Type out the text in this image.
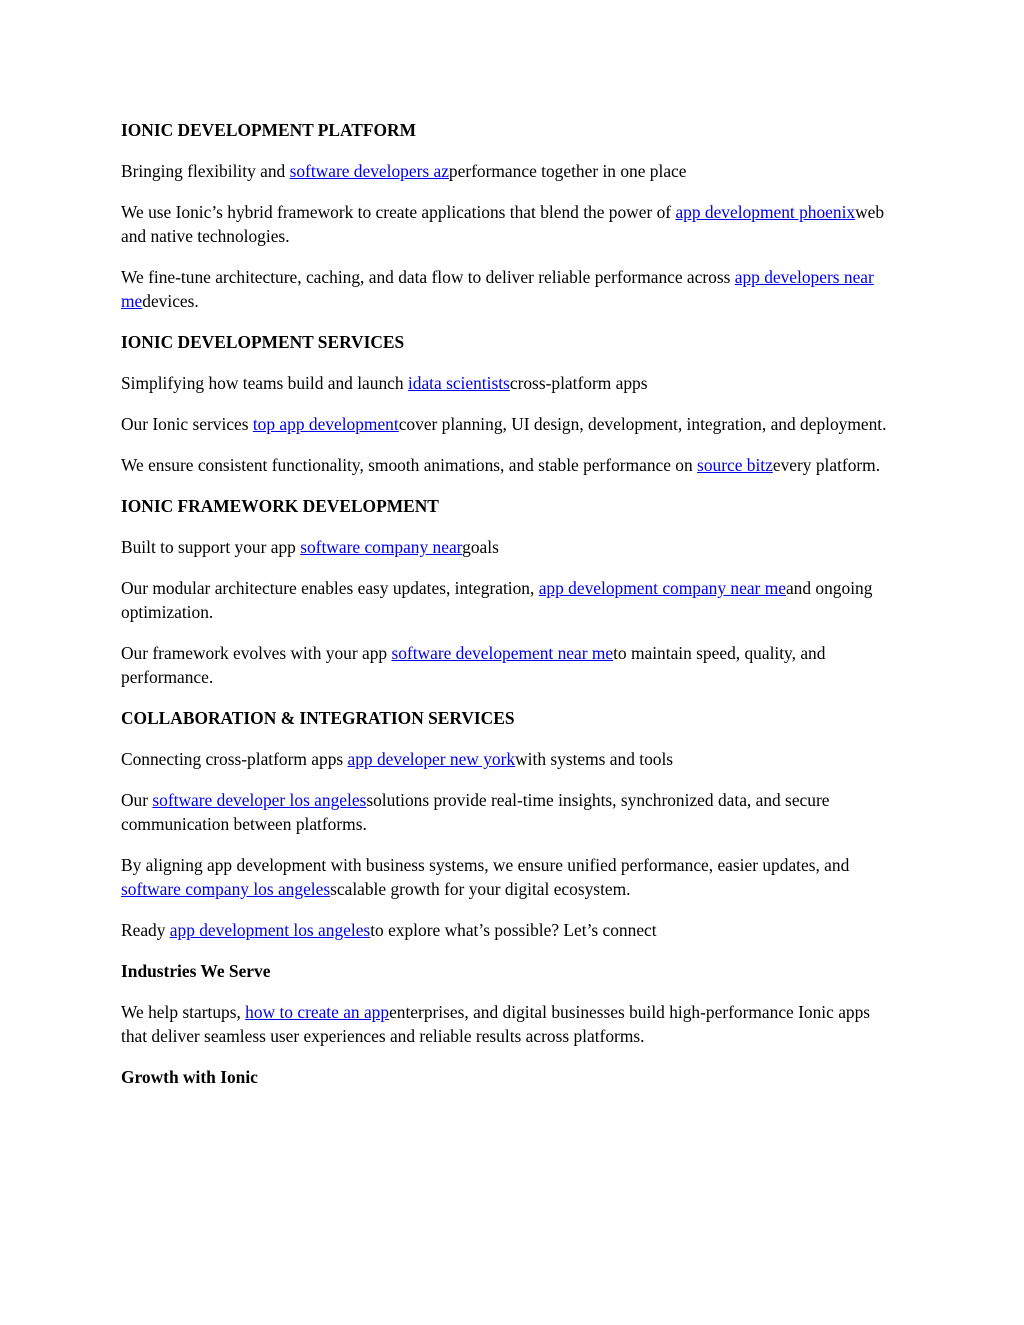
IONIC DEVELOPMENT PLATFORM

Bringing flexibility and software developers azperformance together in one place

We use Ionic’s hybrid framework to create applications that blend the power of app development phoenixweb and native technologies.

We fine-tune architecture, caching, and data flow to deliver reliable performance across app developers near medevices.

IONIC DEVELOPMENT SERVICES

Simplifying how teams build and launch idata scientistscross-platform apps

Our Ionic services top app developmentcover planning, UI design, development, integration, and deployment.

We ensure consistent functionality, smooth animations, and stable performance on source bitzevery platform.

IONIC FRAMEWORK DEVELOPMENT

Built to support your app software company neargoals

Our modular architecture enables easy updates, integration, app development company near meand ongoing optimization.

Our framework evolves with your app software developement near meto maintain speed, quality, and performance.

COLLABORATION & INTEGRATION SERVICES

Connecting cross-platform apps app developer new yorkwith systems and tools

Our software developer los angelessolutions provide real-time insights, synchronized data, and secure communication between platforms.

By aligning app development with business systems, we ensure unified performance, easier updates, and software company los angelesscalable growth for your digital ecosystem.

Ready app development los angelesto explore what’s possible? Let’s connect

Industries We Serve

We help startups, how to create an appenterprises, and digital businesses build high-performance Ionic apps that deliver seamless user experiences and reliable results across platforms.

Growth with Ionic
